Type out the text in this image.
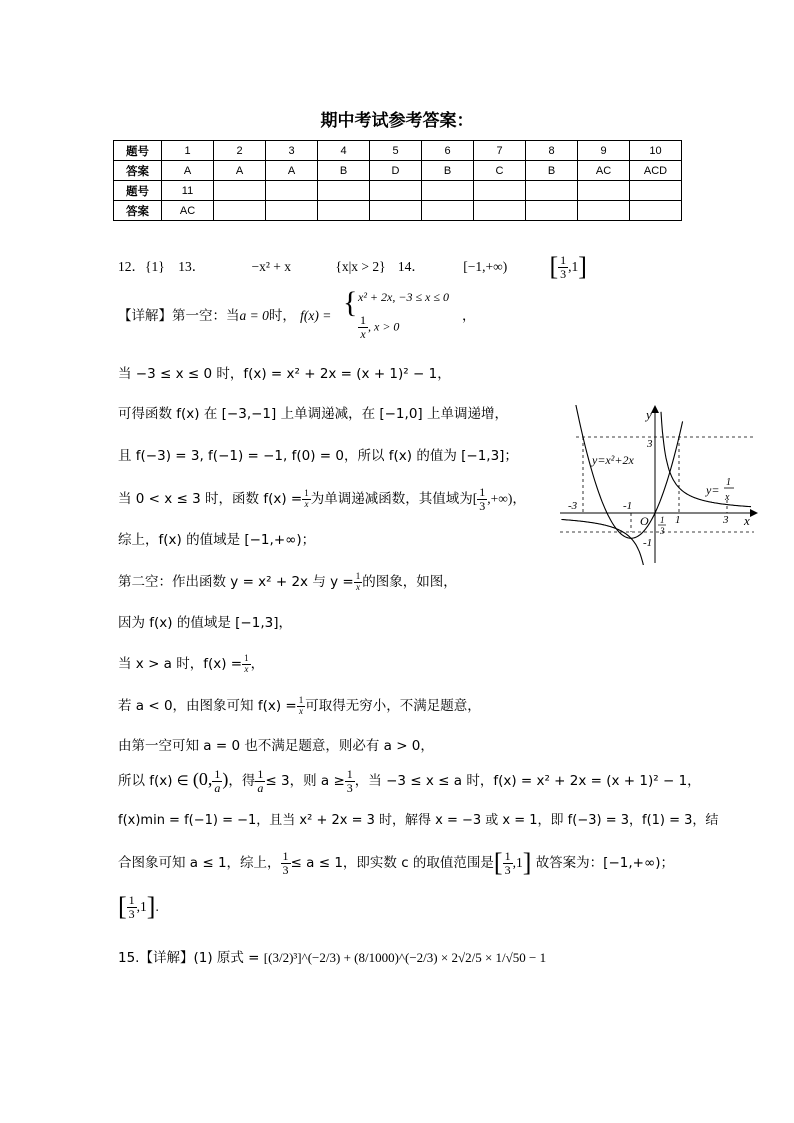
期中考试参考答案：
题号	1	2	3	4	5	6	7	8	9	10
答案	A	A	A	B	D	B	C	B	AC	ACD
题号	11									
答案	AC									
12．{1}　13．	−x² + x	{x|x > 2} 14．	[−1,+∞) [ $\frac{1}{3} ,1$]
【详解】第一空：当a = 0时， f(x) = { x² + 2x, −3 ≤ x ≤ 0
$\frac{1}{x}$ , x > 0
，
当 −3 ≤ x ≤ 0 时，f(x) = x² + 2x = (x + 1)² − 1，
可得函数 f(x) 在 [−3,−1] 上单调递减，在 [−1,0] 上单调递增，
且 f(−3) = 3, f(−1) = −1, f(0) = 0，所以 f(x) 的值为 [−1,3]；
当 0 < x ≤ 3 时，函数 $f(x) = \frac{1}{x}$ 为单调递减函数，其值域为[ $\frac{1}{3}$ ,+∞)，
综上，f(x) 的值域是 [−1,+∞)；
第二空：作出函数 y = x² + 2x 与 $y = \frac{1}{x}$ 的图象，如图，
因为 f(x) 的值域是 [−1,3]，
当 x > a 时，$f(x) = \frac{1}{x}$ ，
若 a < 0，由图象可知 $f(x) = \frac{1}{x}$ 可取得无穷小，不满足题意，
由第一空可知 a = 0 也不满足题意，则必有 a > 0，
所以 f(x) ∈ (0, $\frac{1}{a}$ )，得 $\frac{1}{a} \le 3$，则 $a \ge \frac{1}{3}$ ，当 −3 ≤ x ≤ a 时，f(x) = x² + 2x = (x + 1)² − 1，
f(x)min = f(−1) = −1，且当 x² + 2x = 3 时，解得 x = −3 或 x = 1，即 f(−3) = 3，f(1) = 3，结
合图象可知 a ≤ 1，综上， $\frac{1}{3} \le a \le 1$，即实数 c 的取值范围是[ $\frac{1}{3} ,1$] 故答案为：[−1,+∞)；
[ $\frac{1}{3} ,1$].
15.【详解】(1) 原式 = [(3/2)³]^(−2/3) + (8/1000)^(−2/3) × 2√2/5 × 1/√50 − 1
y
x
O
y=x²+2x
y=
1
x
3
-3	-1
-1
1	3
1
3
